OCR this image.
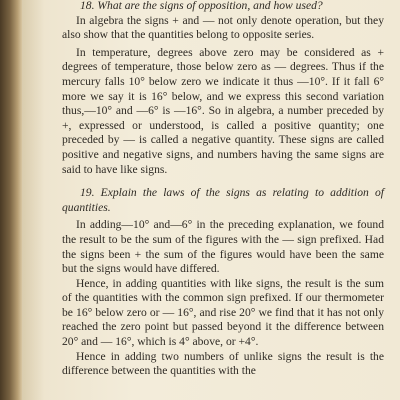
18. What are the signs of opposition, and how used?

In algebra the signs + and — not only denote operation, but they also show that the quantities belong to opposite series.

In temperature, degrees above zero may be considered as + degrees of temperature, those below zero as — degrees. Thus if the mercury falls 10° below zero we indicate it thus —10°. If it fall 6° more we say it is 16° below, and we express this second variation thus,—10° and —6° is —16°. So in algebra, a number preceded by +, expressed or understood, is called a positive quantity; one preceded by — is called a negative quantity. These signs are called positive and negative signs, and numbers having the same signs are said to have like signs.

19. Explain the laws of the signs as relating to addition of quantities.

In adding—10° and—6° in the preceding explanation, we found the result to be the sum of the figures with the — sign prefixed. Had the signs been + the sum of the figures would have been the same but the signs would have differed.

Hence, in adding quantities with like signs, the result is the sum of the quantities with the common sign prefixed. If our thermometer be 16° below zero or — 16°, and rise 20° we find that it has not only reached the zero point but passed beyond it the difference between 20° and — 16°, which is 4° above, or +4°.

Hence in adding two numbers of unlike signs the result is the difference between the quantities with the
